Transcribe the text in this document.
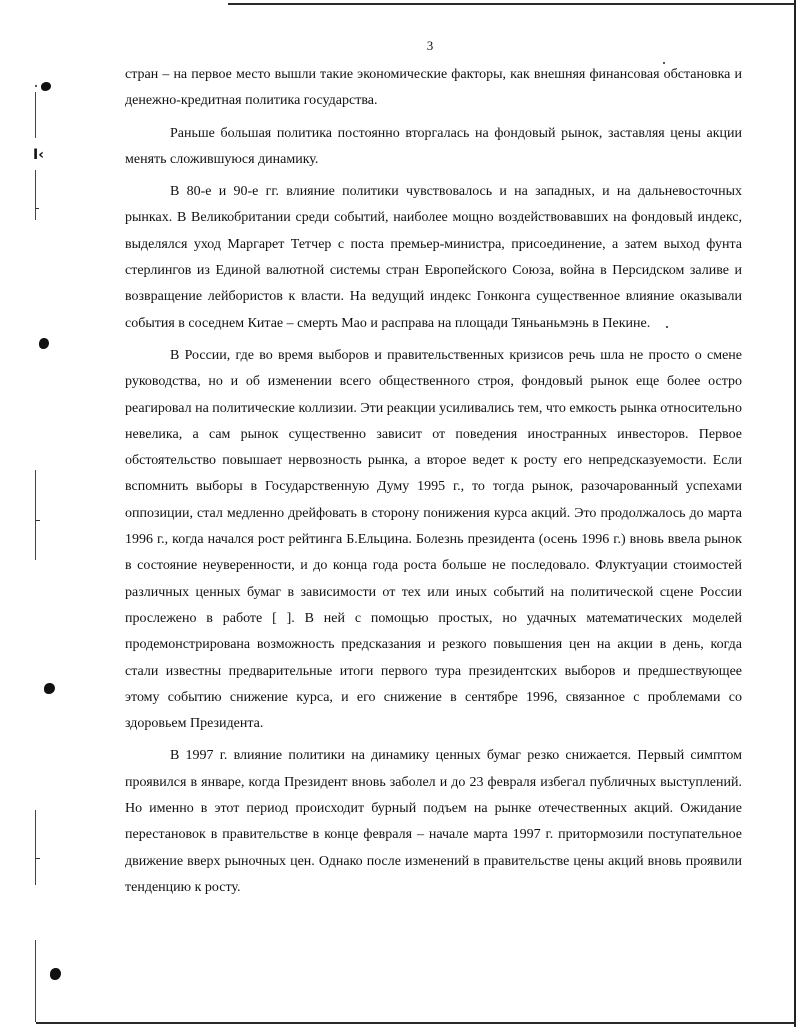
I‹
3

стран – на первое место вышли такие экономические факторы, как внешняя финансовая обстановка и денежно-кредитная политика государства.

Раньше большая политика постоянно вторгалась на фондовый рынок, заставляя цены акции менять сложившуюся динамику.

В 80-е и 90-е гг. влияние политики чувствовалось и на западных, и на дальневосточных рынках. В Великобритании среди событий, наиболее мощно воздействовавших на фондовый индекс, выделялся уход Маргарет Тетчер с поста премьер-министра, присоединение, а затем выход фунта стерлингов из Единой валютной системы стран Европейского Союза, война в Персидском заливе и возвращение лейбористов к власти. На ведущий индекс Гонконга существенное влияние оказывали события в соседнем Китае – смерть Мао и расправа на площади Тяньаньмэнь в Пекине.

В России, где во время выборов и правительственных кризисов речь шла не просто о смене руководства, но и об изменении всего общественного строя, фондовый рынок еще более остро реагировал на политические коллизии. Эти реакции усиливались тем, что емкость рынка относительно невелика, а сам рынок существенно зависит от поведения иностранных инвесторов. Первое обстоятельство повышает нервозность рынка, а второе ведет к росту его непредсказуемости. Если вспомнить выборы в Государственную Думу 1995 г., то тогда рынок, разочарованный успехами оппозиции, стал медленно дрейфовать в сторону понижения курса акций. Это продолжалось до марта 1996 г., когда начался рост рейтинга Б.Ельцина. Болезнь президента (осень 1996 г.) вновь ввела рынок в состояние неуверенности, и до конца года роста больше не последовало. Флуктуации стоимостей различных ценных бумаг в зависимости от тех или иных событий на политической сцене России прослежено в работе [ ]. В ней с помощью простых, но удачных математических моделей продемонстрирована возможность предсказания и резкого повышения цен на акции в день, когда стали известны предварительные итоги первого тура президентских выборов и предшествующее этому событию снижение курса, и его снижение в сентябре 1996, связанное с проблемами со здоровьем Президента.

В 1997 г. влияние политики на динамику ценных бумаг резко снижается. Первый симптом проявился в январе, когда Президент вновь заболел и до 23 февраля избегал публичных выступлений. Но именно в этот период происходит бурный подъем на рынке отечественных акций. Ожидание перестановок в правительстве в конце февраля – начале марта 1997 г. притормозили поступательное движение вверх рыночных цен. Однако после изменений в правительстве цены акций вновь проявили тенденцию к росту.
